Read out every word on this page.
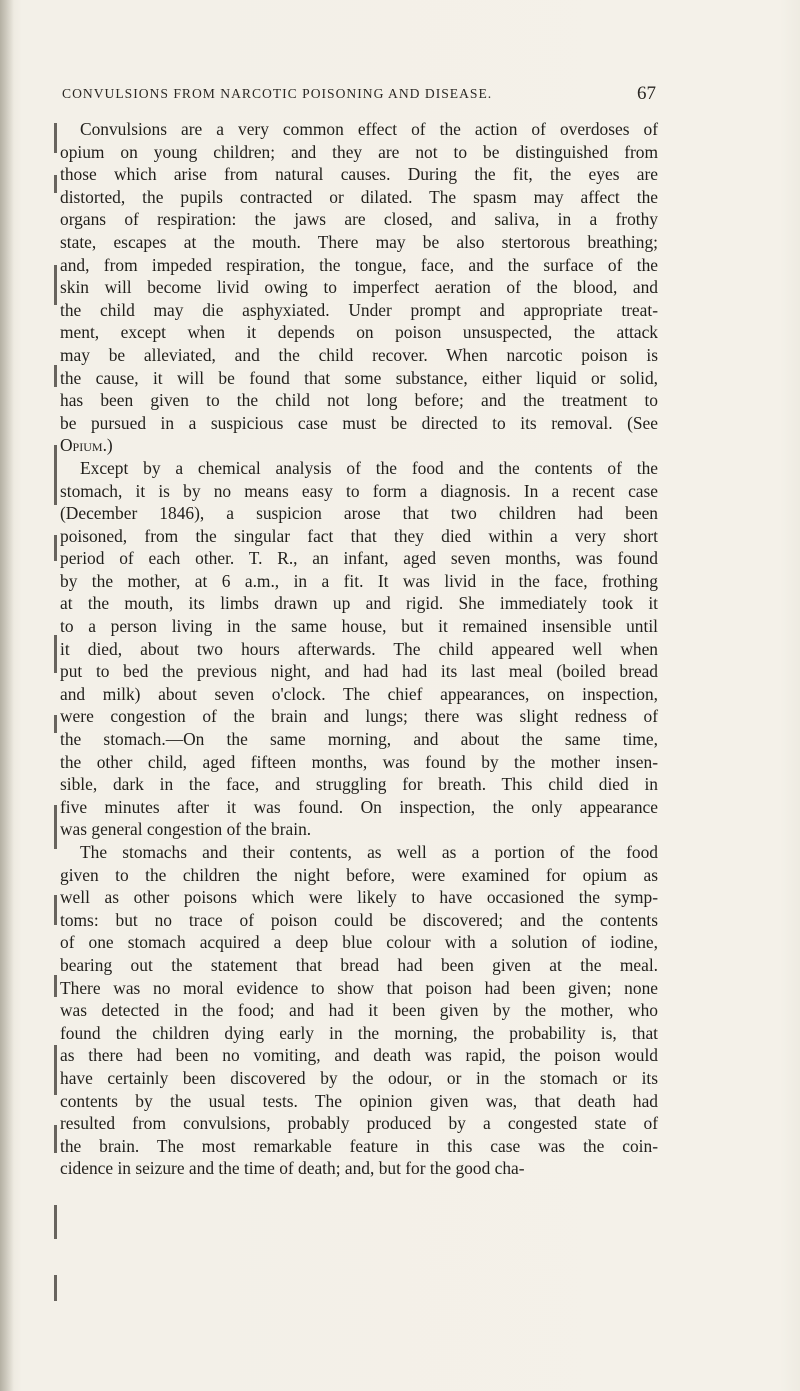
CONVULSIONS FROM NARCOTIC POISONING AND DISEASE.	67
Convulsions are a very common effect of the action of overdoses of
opium on young children; and they are not to be distinguished from
those which arise from natural causes. During the fit, the eyes are
distorted, the pupils contracted or dilated. The spasm may affect the
organs of respiration: the jaws are closed, and saliva, in a frothy
state, escapes at the mouth. There may be also stertorous breathing;
and, from impeded respiration, the tongue, face, and the surface of the
skin will become livid owing to imperfect aeration of the blood, and
the child may die asphyxiated. Under prompt and appropriate treat-
ment, except when it depends on poison unsuspected, the attack
may be alleviated, and the child recover. When narcotic poison is
the cause, it will be found that some substance, either liquid or solid,
has been given to the child not long before; and the treatment to
be pursued in a suspicious case must be directed to its removal. (See
Opium.)
Except by a chemical analysis of the food and the contents of the
stomach, it is by no means easy to form a diagnosis. In a recent case
(December 1846), a suspicion arose that two children had been
poisoned, from the singular fact that they died within a very short
period of each other. T. R., an infant, aged seven months, was found
by the mother, at 6 a.m., in a fit. It was livid in the face, frothing
at the mouth, its limbs drawn up and rigid. She immediately took it
to a person living in the same house, but it remained insensible until
it died, about two hours afterwards. The child appeared well when
put to bed the previous night, and had had its last meal (boiled bread
and milk) about seven o'clock. The chief appearances, on inspection,
were congestion of the brain and lungs; there was slight redness of
the stomach.—On the same morning, and about the same time,
the other child, aged fifteen months, was found by the mother insen-
sible, dark in the face, and struggling for breath. This child died in
five minutes after it was found. On inspection, the only appearance
was general congestion of the brain.
The stomachs and their contents, as well as a portion of the food
given to the children the night before, were examined for opium as
well as other poisons which were likely to have occasioned the symp-
toms: but no trace of poison could be discovered; and the contents
of one stomach acquired a deep blue colour with a solution of iodine,
bearing out the statement that bread had been given at the meal.
There was no moral evidence to show that poison had been given; none
was detected in the food; and had it been given by the mother, who
found the children dying early in the morning, the probability is, that
as there had been no vomiting, and death was rapid, the poison would
have certainly been discovered by the odour, or in the stomach or its
contents by the usual tests. The opinion given was, that death had
resulted from convulsions, probably produced by a congested state of
the brain. The most remarkable feature in this case was the coin-
cidence in seizure and the time of death; and, but for the good cha-
